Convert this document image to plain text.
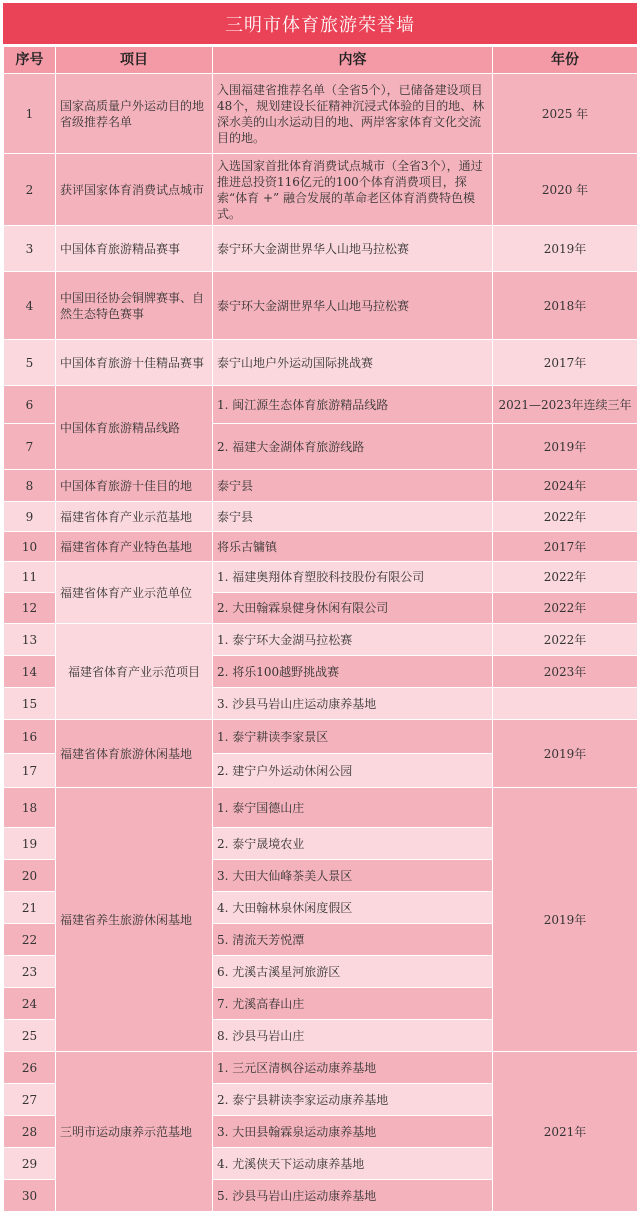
三明市体育旅游荣誉墙
序号	项目	内容	年份
1	国家高质量户外运动目的地省级推荐名单	入围福建省推荐名单（全省5个），已储备建设项目48个，规划建设长征精神沉浸式体验的目的地、林深水美的山水运动目的地、两岸客家体育文化交流目的地。	2025 年
2	获评国家体育消费试点城市	入选国家首批体育消费试点城市（全省3个），通过推进总投资116亿元的100个体育消费项目，探索“体育 +” 融合发展的革命老区体育消费特色模式。	2020 年
3	中国体育旅游精品赛事	泰宁环大金湖世界华人山地马拉松赛	2019年
4	中国田径协会铜牌赛事、自然生态特色赛事	泰宁环大金湖世界华人山地马拉松赛	2018年
5	中国体育旅游十佳精品赛事	泰宁山地户外运动国际挑战赛	2017年
6	中国体育旅游精品线路	1. 闽江源生态体育旅游精品线路	2021—2023年连续三年
7		2. 福建大金湖体育旅游线路	2019年
8	中国体育旅游十佳目的地	泰宁县	2024年
9	福建省体育产业示范基地	泰宁县	2022年
10	福建省体育产业特色基地	将乐古镛镇	2017年
11	福建省体育产业示范单位	1. 福建奥翔体育塑胶科技股份有限公司	2022年
12		2. 大田翰霖泉健身休闲有限公司	2022年
13	福建省体育产业示范项目	1. 泰宁环大金湖马拉松赛	2022年
14		2. 将乐100越野挑战赛	2023年
15		3. 沙县马岩山庄运动康养基地	
16	福建省体育旅游休闲基地	1. 泰宁耕读李家景区	2019年
17		2. 建宁户外运动休闲公园	
18	福建省养生旅游休闲基地	1. 泰宁国德山庄	2019年
19		2. 泰宁晟境农业	
20		3. 大田大仙峰茶美人景区	
21		4. 大田翰林泉休闲度假区	
22		5. 清流天芳悦潭	
23		6. 尤溪古溪星河旅游区	
24		7. 尤溪高春山庄	
25		8. 沙县马岩山庄	
26	三明市运动康养示范基地	1. 三元区清枫谷运动康养基地	2021年
27		2. 泰宁县耕读李家运动康养基地	
28		3. 大田县翰霖泉运动康养基地	
29		4. 尤溪侠天下运动康养基地	
30		5. 沙县马岩山庄运动康养基地	
